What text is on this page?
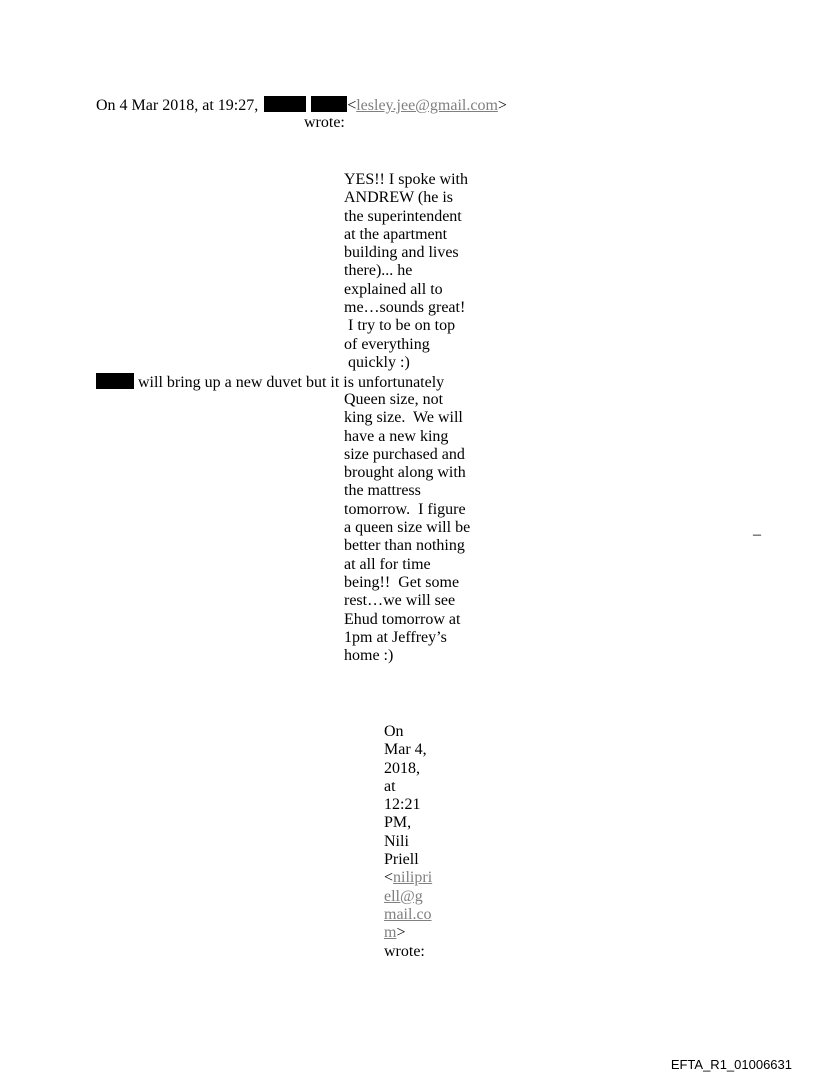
On 4 Mar 2018, at 19:27,	<lesley.jee@gmail.com>
wrote:
YES!! I spoke with
ANDREW (he is
the superintendent
at the apartment
building and lives
there)... he
explained all to
me…sounds great!
I try to be on top
of everything
quickly :)
will bring up a new duvet but it is unfortunately
Queen size, not
king size.  We will
have a new king
size purchased and
brought along with
the mattress
tomorrow.  I figure
a queen size will be
better than nothing
at all for time
being!!  Get some
rest…we will see
Ehud tomorrow at
1pm at Jeffrey’s
home :)
On
Mar 4,
2018,
at
12:21
PM,
Nili
Priell
<nilipri
ell@g
mail.co
m>
wrote:
–
EFTA_R1_01006631
